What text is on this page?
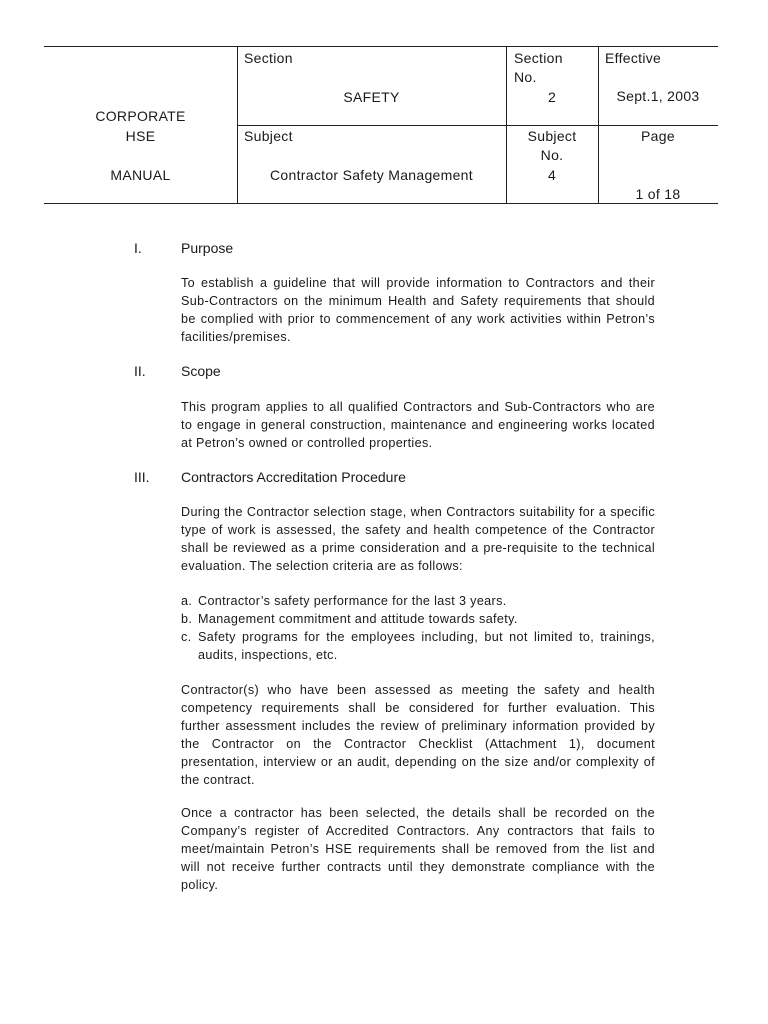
CORPORATE
HSE
MANUAL
Section
SAFETY
Section
No.
2
Effective
Sept.1, 2003
Subject
Contractor Safety Management
Subject
No.
4
Page
1 of 18
I.	Purpose
To establish a guideline that will provide information to Contractors and their Sub-Contractors on the minimum Health and Safety requirements that should be complied with prior to commencement of any work activities within Petron’s facilities/premises.
II.	Scope
This program applies to all qualified Contractors and Sub-Contractors who are to engage in general construction, maintenance and engineering works located at Petron’s owned or controlled properties.
III. Contractors Accreditation Procedure
During the Contractor selection stage, when Contractors suitability for a specific type of work is assessed, the safety and health competence of the Contractor shall be reviewed as a prime consideration and a pre-requisite to the technical evaluation. The selection criteria are as follows:
a. Contractor’s safety performance for the last 3 years.
b. Management commitment and attitude towards safety.
c. Safety programs for the employees including, but not limited to, trainings, audits, inspections, etc.
Contractor(s) who have been assessed as meeting the safety and health competency requirements shall be considered for further evaluation. This further assessment includes the review of preliminary information provided by the Contractor on the Contractor Checklist (Attachment 1), document presentation, interview or an audit, depending on the size and/or complexity of the contract.
Once a contractor has been selected, the details shall be recorded on the Company’s register of Accredited Contractors. Any contractors that fails to meet/maintain Petron’s HSE requirements shall be removed from the list and will not receive further contracts until they demonstrate compliance with the policy.
